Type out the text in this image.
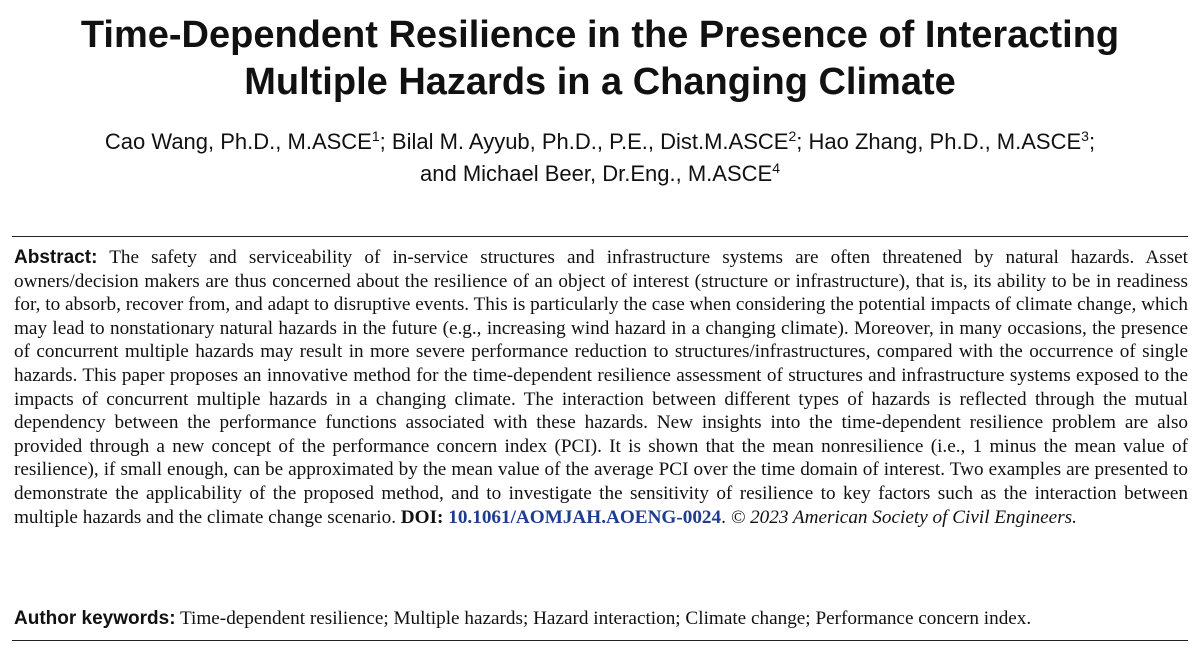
Time-Dependent Resilience in the Presence of Interacting
Multiple Hazards in a Changing Climate

Cao Wang, Ph.D., M.ASCE$^1$; Bilal M. Ayyub, Ph.D., P.E., Dist.M.ASCE$^2$; Hao Zhang, Ph.D., M.ASCE$^3$;
and Michael Beer, Dr.Eng., M.ASCE$^4$

Abstract: The safety and serviceability of in-service structures and infrastructure systems are often threatened by natural hazards. Asset owners/decision makers are thus concerned about the resilience of an object of interest (structure or infrastructure), that is, its ability to be in readiness for, to absorb, recover from, and adapt to disruptive events. This is particularly the case when considering the potential impacts of climate change, which may lead to nonstationary natural hazards in the future (e.g., increasing wind hazard in a changing climate). Moreover, in many occasions, the presence of concurrent multiple hazards may result in more severe performance reduction to structures/infrastructures, compared with the occurrence of single hazards. This paper proposes an innovative method for the time-dependent resilience assessment of structures and infrastructure systems exposed to the impacts of concurrent multiple hazards in a changing climate. The interaction between different types of hazards is reflected through the mutual dependency between the performance functions associated with these hazards. New insights into the time-dependent resilience problem are also provided through a new concept of the performance concern index (PCI). It is shown that the mean nonresilience (i.e., 1 minus the mean value of resilience), if small enough, can be approximated by the mean value of the average PCI over the time domain of interest. Two examples are presented to demonstrate the applicability of the proposed method, and to investigate the sensitivity of resilience to key factors such as the interaction between multiple hazards and the climate change scenario. DOI: 10.1061/AOMJAH.AOENG-0024. © 2023 American Society of Civil Engineers.

Author keywords: Time-dependent resilience; Multiple hazards; Hazard interaction; Climate change; Performance concern index.
